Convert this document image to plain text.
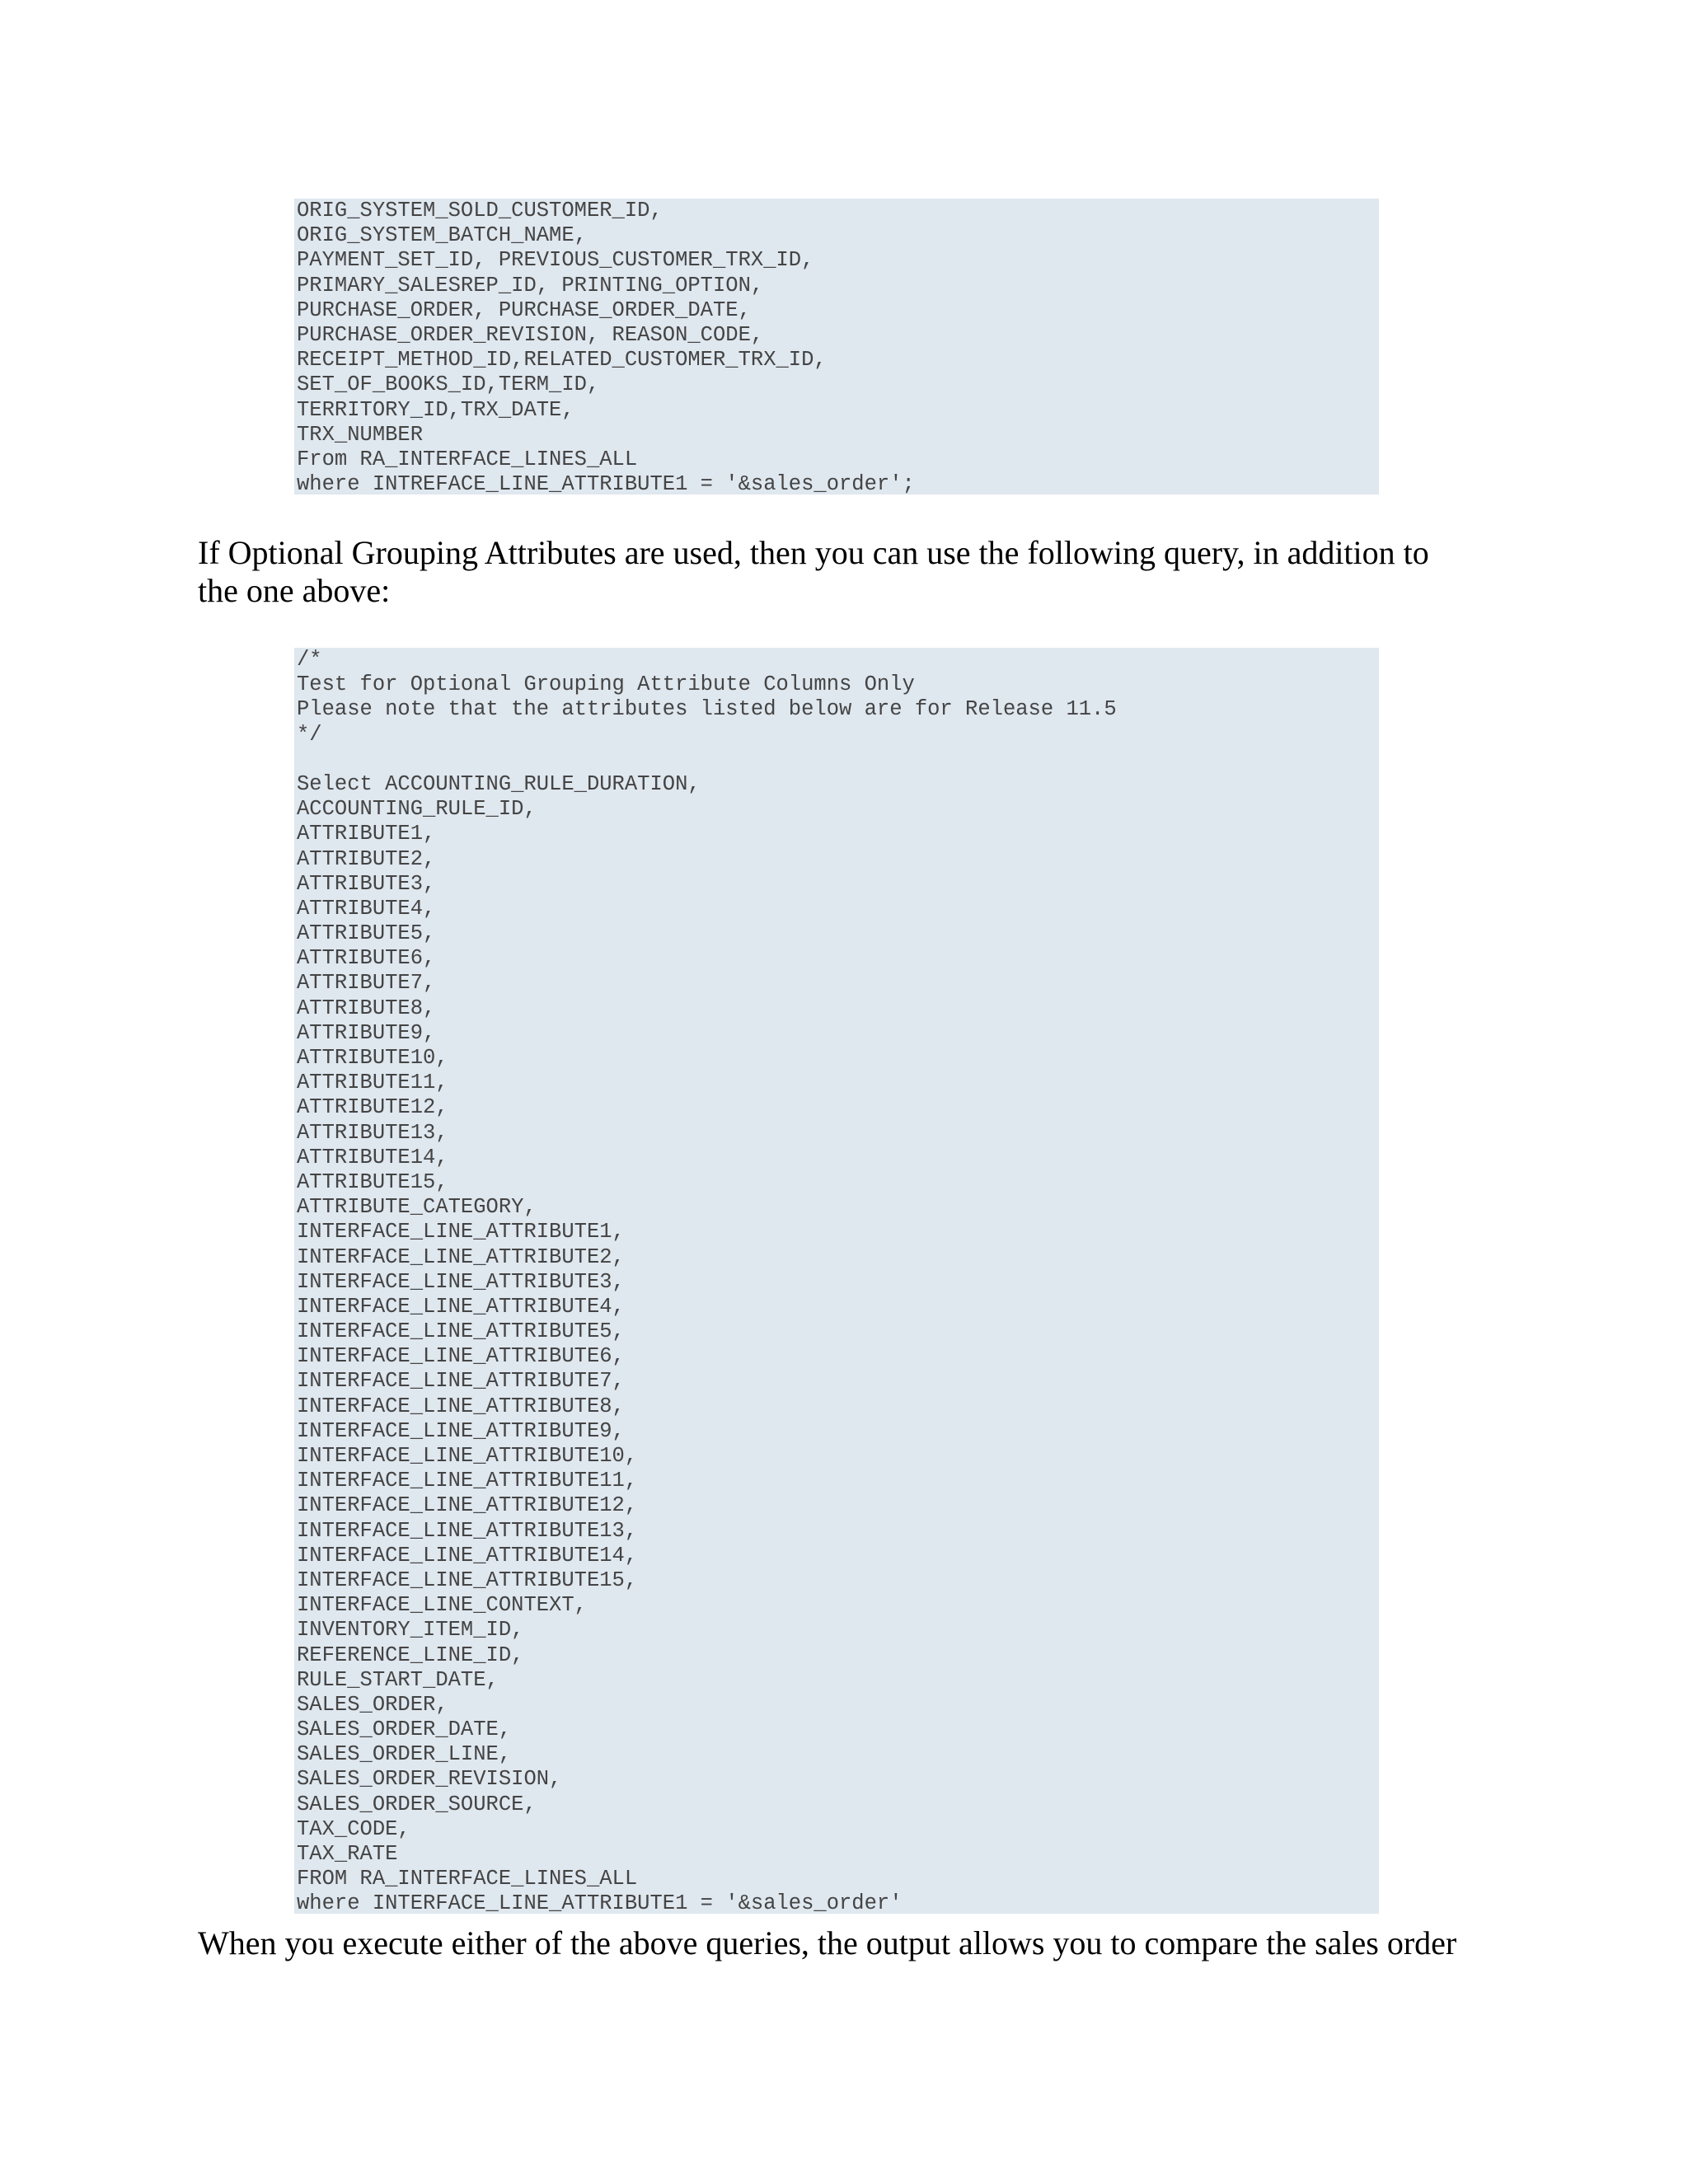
ORIG_SYSTEM_SOLD_CUSTOMER_ID,
ORIG_SYSTEM_BATCH_NAME,
PAYMENT_SET_ID, PREVIOUS_CUSTOMER_TRX_ID,
PRIMARY_SALESREP_ID, PRINTING_OPTION,
PURCHASE_ORDER, PURCHASE_ORDER_DATE,
PURCHASE_ORDER_REVISION, REASON_CODE,
RECEIPT_METHOD_ID,RELATED_CUSTOMER_TRX_ID,
SET_OF_BOOKS_ID,TERM_ID,
TERRITORY_ID,TRX_DATE,
TRX_NUMBER
From RA_INTERFACE_LINES_ALL
where INTREFACE_LINE_ATTRIBUTE1 = '&sales_order';

If Optional Grouping Attributes are used, then you can use the following query, in addition to the one above:

/*
Test for Optional Grouping Attribute Columns Only
Please note that the attributes listed below are for Release 11.5
*/
Select ACCOUNTING_RULE_DURATION,
ACCOUNTING_RULE_ID,
ATTRIBUTE1,
ATTRIBUTE2,
ATTRIBUTE3,
ATTRIBUTE4,
ATTRIBUTE5,
ATTRIBUTE6,
ATTRIBUTE7,
ATTRIBUTE8,
ATTRIBUTE9,
ATTRIBUTE10,
ATTRIBUTE11,
ATTRIBUTE12,
ATTRIBUTE13,
ATTRIBUTE14,
ATTRIBUTE15,
ATTRIBUTE_CATEGORY,
INTERFACE_LINE_ATTRIBUTE1,
INTERFACE_LINE_ATTRIBUTE2,
INTERFACE_LINE_ATTRIBUTE3,
INTERFACE_LINE_ATTRIBUTE4,
INTERFACE_LINE_ATTRIBUTE5,
INTERFACE_LINE_ATTRIBUTE6,
INTERFACE_LINE_ATTRIBUTE7,
INTERFACE_LINE_ATTRIBUTE8,
INTERFACE_LINE_ATTRIBUTE9,
INTERFACE_LINE_ATTRIBUTE10,
INTERFACE_LINE_ATTRIBUTE11,
INTERFACE_LINE_ATTRIBUTE12,
INTERFACE_LINE_ATTRIBUTE13,
INTERFACE_LINE_ATTRIBUTE14,
INTERFACE_LINE_ATTRIBUTE15,
INTERFACE_LINE_CONTEXT,
INVENTORY_ITEM_ID,
REFERENCE_LINE_ID,
RULE_START_DATE,
SALES_ORDER,
SALES_ORDER_DATE,
SALES_ORDER_LINE,
SALES_ORDER_REVISION,
SALES_ORDER_SOURCE,
TAX_CODE,
TAX_RATE
FROM RA_INTERFACE_LINES_ALL
where INTERFACE_LINE_ATTRIBUTE1 = '&sales_order'

When you execute either of the above queries, the output allows you to compare the sales order
